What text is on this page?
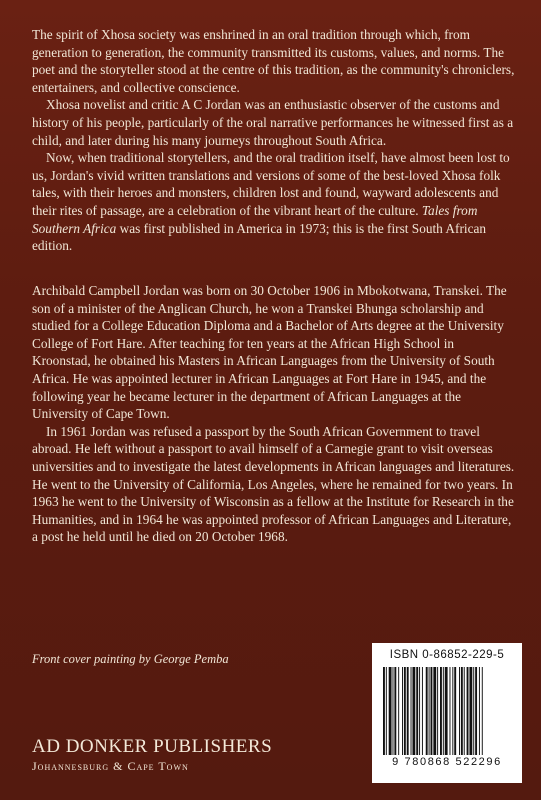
The spirit of Xhosa society was enshrined in an oral tradition through which, from generation to generation, the community transmitted its customs, values, and norms. The poet and the storyteller stood at the centre of this tradition, as the community's chroniclers, entertainers, and collective conscience.

Xhosa novelist and critic A C Jordan was an enthusiastic observer of the customs and history of his people, particularly of the oral narrative performances he witnessed first as a child, and later during his many journeys throughout South Africa.

Now, when traditional storytellers, and the oral tradition itself, have almost been lost to us, Jordan's vivid written translations and versions of some of the best-loved Xhosa folk tales, with their heroes and monsters, children lost and found, wayward adolescents and their rites of passage, are a celebration of the vibrant heart of the culture. Tales from Southern Africa was first published in America in 1973; this is the first South African edition.

Archibald Campbell Jordan was born on 30 October 1906 in Mbokotwana, Transkei. The son of a minister of the Anglican Church, he won a Transkei Bhunga scholarship and studied for a College Education Diploma and a Bachelor of Arts degree at the University College of Fort Hare. After teaching for ten years at the African High School in Kroonstad, he obtained his Masters in African Languages from the University of South Africa. He was appointed lecturer in African Languages at Fort Hare in 1945, and the following year he became lecturer in the department of African Languages at the University of Cape Town.

In 1961 Jordan was refused a passport by the South African Government to travel abroad. He left without a passport to avail himself of a Carnegie grant to visit overseas universities and to investigate the latest developments in African languages and literatures. He went to the University of California, Los Angeles, where he remained for two years. In 1963 he went to the University of Wisconsin as a fellow at the Institute for Research in the Humanities, and in 1964 he was appointed professor of African Languages and Literature, a post he held until he died on 20 October 1968.

Front cover painting by George Pemba
AD DONKER PUBLISHERS
Johannesburg & Cape Town
ISBN 0-86852-229-5
9 780868 522296
